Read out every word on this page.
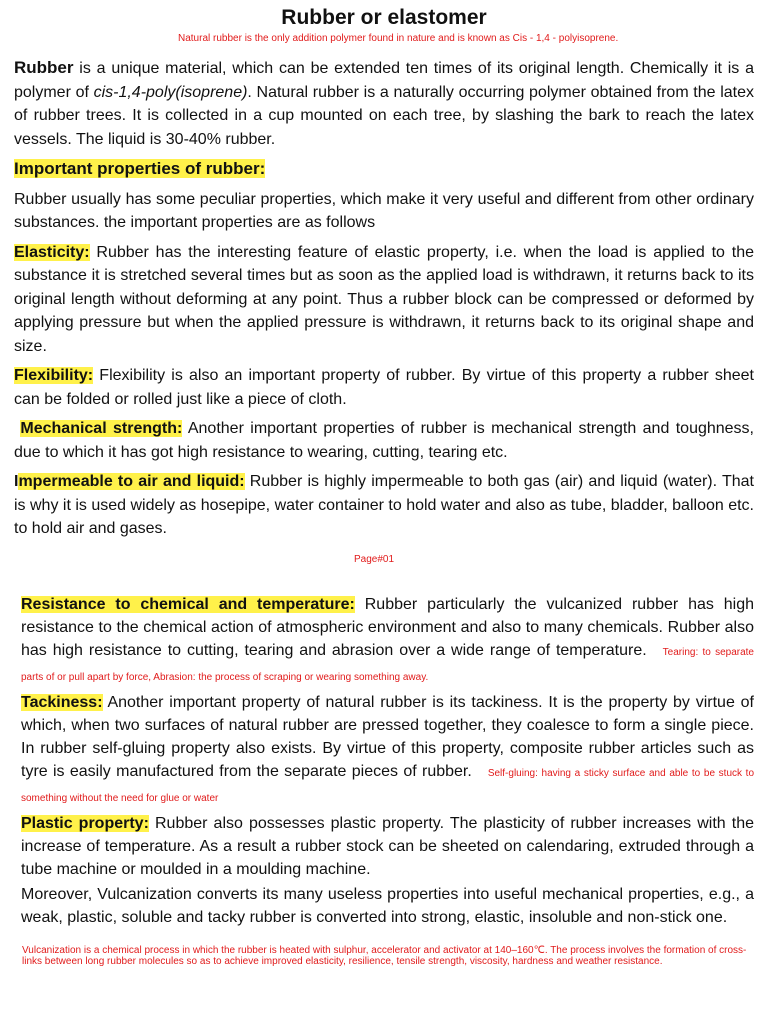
Rubber or elastomer
Natural rubber is the only addition polymer found in nature and is known as Cis - 1,4 - polyisoprene.

Rubber is a unique material, which can be extended ten times of its original length. Chemically it is a polymer of cis-1,4-poly(isoprene). Natural rubber is a naturally occurring polymer obtained from the latex of rubber trees. It is collected in a cup mounted on each tree, by slashing the bark to reach the latex vessels. The liquid is 30-40% rubber.

Important properties of rubber:

Rubber usually has some peculiar properties, which make it very useful and different from other ordinary substances. the important properties are as follows

Elasticity: Rubber has the interesting feature of elastic property, i.e. when the load is applied to the substance it is stretched several times but as soon as the applied load is withdrawn, it returns back to its original length without deforming at any point. Thus a rubber block can be compressed or deformed by applying pressure but when the applied pressure is withdrawn, it returns back to its original shape and size.

Flexibility: Flexibility is also an important property of rubber. By virtue of this property a rubber sheet can be folded or rolled just like a piece of cloth.

Mechanical strength: Another important properties of rubber is mechanical strength and toughness, due to which it has got high resistance to wearing, cutting, tearing etc.

Impermeable to air and liquid: Rubber is highly impermeable to both gas (air) and liquid (water). That is why it is used widely as hosepipe, water container to hold water and also as tube, bladder, balloon etc. to hold air and gases.

Page#01

Resistance to chemical and temperature: Rubber particularly the vulcanized rubber has high resistance to the chemical action of atmospheric environment and also to many chemicals. Rubber also has high resistance to cutting, tearing and abrasion over a wide range of temperature. Tearing: to separate parts of or pull apart by force, Abrasion: the process of scraping or wearing something away.

Tackiness: Another important property of natural rubber is its tackiness. It is the property by virtue of which, when two surfaces of natural rubber are pressed together, they coalesce to form a single piece. In rubber self-gluing property also exists. By virtue of this property, composite rubber articles such as tyre is easily manufactured from the separate pieces of rubber. Self-gluing: having a sticky surface and able to be stuck to something without the need for glue or water

Plastic property: Rubber also possesses plastic property. The plasticity of rubber increases with the increase of temperature. As a result a rubber stock can be sheeted on calendaring, extruded through a tube machine or moulded in a moulding machine.

Moreover, Vulcanization converts its many useless properties into useful mechanical properties, e.g., a weak, plastic, soluble and tacky rubber is converted into strong, elastic, insoluble and non-stick one.

Vulcanization is a chemical process in which the rubber is heated with sulphur, accelerator and activator at 140–160℃. The process involves the formation of cross-links between long rubber molecules so as to achieve improved elasticity, resilience, tensile strength, viscosity, hardness and weather resistance.
